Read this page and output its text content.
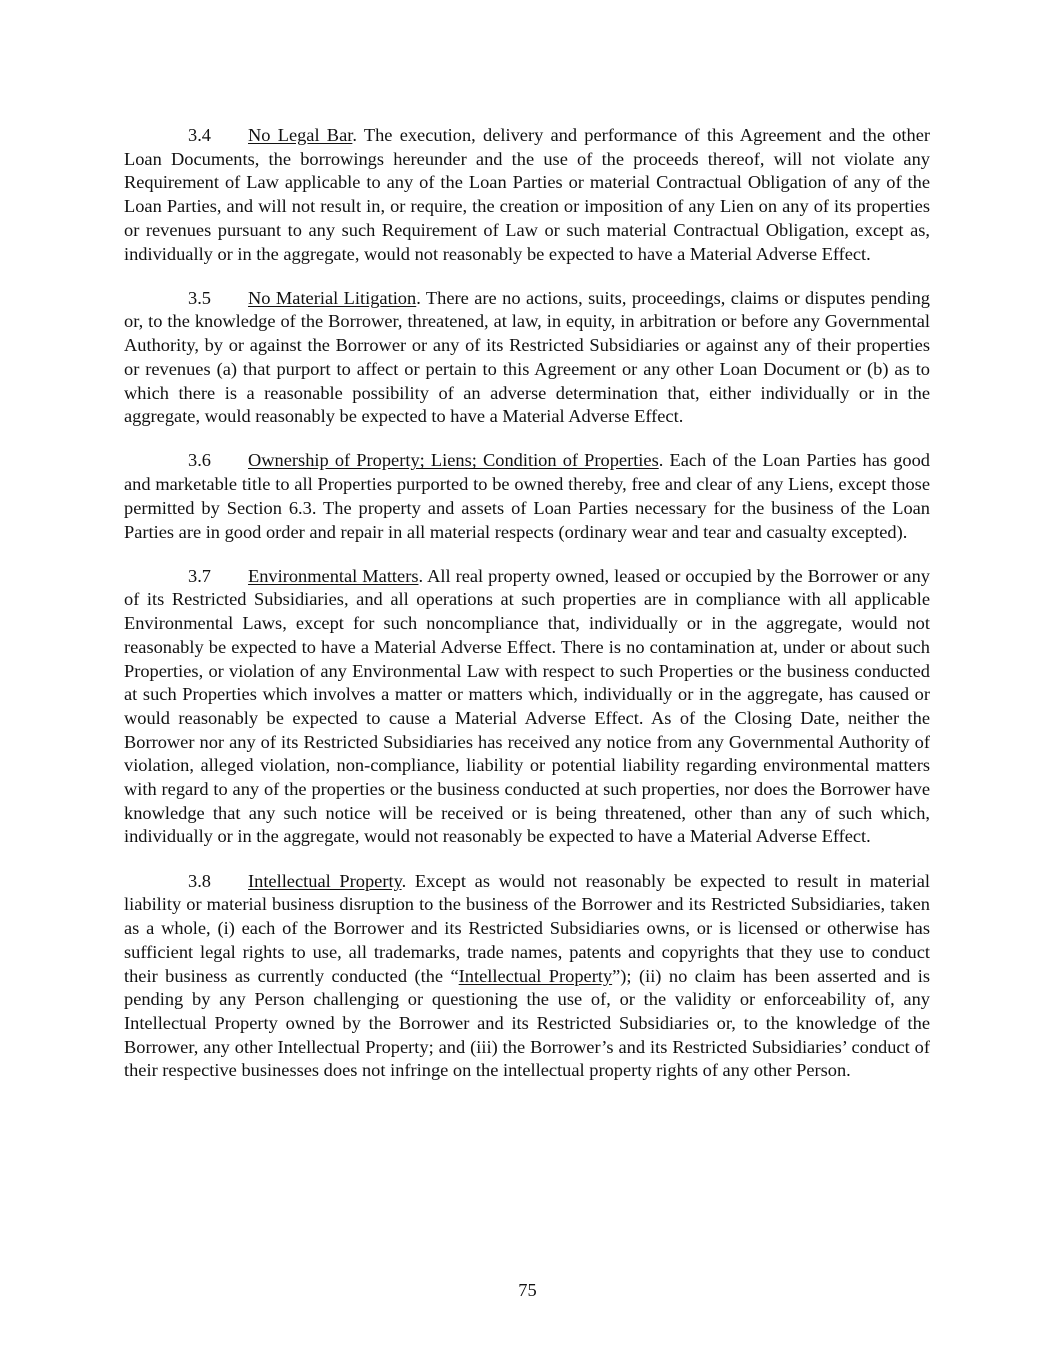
3.4 No Legal Bar. The execution, delivery and performance of this Agreement and the other Loan Documents, the borrowings hereunder and the use of the proceeds thereof, will not violate any Requirement of Law applicable to any of the Loan Parties or material Contractual Obligation of any of the Loan Parties, and will not result in, or require, the creation or imposition of any Lien on any of its properties or revenues pursuant to any such Requirement of Law or such material Contractual Obligation, except as, individually or in the aggregate, would not reasonably be expected to have a Material Adverse Effect.

3.5 No Material Litigation. There are no actions, suits, proceedings, claims or disputes pending or, to the knowledge of the Borrower, threatened, at law, in equity, in arbitration or before any Governmental Authority, by or against the Borrower or any of its Restricted Subsidiaries or against any of their properties or revenues (a) that purport to affect or pertain to this Agreement or any other Loan Document or (b) as to which there is a reasonable possibility of an adverse determination that, either individually or in the aggregate, would reasonably be expected to have a Material Adverse Effect.

3.6 Ownership of Property; Liens; Condition of Properties. Each of the Loan Parties has good and marketable title to all Properties purported to be owned thereby, free and clear of any Liens, except those permitted by Section 6.3. The property and assets of Loan Parties necessary for the business of the Loan Parties are in good order and repair in all material respects (ordinary wear and tear and casualty excepted).

3.7 Environmental Matters. All real property owned, leased or occupied by the Borrower or any of its Restricted Subsidiaries, and all operations at such properties are in compliance with all applicable Environmental Laws, except for such noncompliance that, individually or in the aggregate, would not reasonably be expected to have a Material Adverse Effect. There is no contamination at, under or about such Properties, or violation of any Environmental Law with respect to such Properties or the business conducted at such Properties which involves a matter or matters which, individually or in the aggregate, has caused or would reasonably be expected to cause a Material Adverse Effect. As of the Closing Date, neither the Borrower nor any of its Restricted Subsidiaries has received any notice from any Governmental Authority of violation, alleged violation, non-compliance, liability or potential liability regarding environmental matters with regard to any of the properties or the business conducted at such properties, nor does the Borrower have knowledge that any such notice will be received or is being threatened, other than any of such which, individually or in the aggregate, would not reasonably be expected to have a Material Adverse Effect.

3.8 Intellectual Property. Except as would not reasonably be expected to result in material liability or material business disruption to the business of the Borrower and its Restricted Subsidiaries, taken as a whole, (i) each of the Borrower and its Restricted Subsidiaries owns, or is licensed or otherwise has sufficient legal rights to use, all trademarks, trade names, patents and copyrights that they use to conduct their business as currently conducted (the “Intellectual Property”); (ii) no claim has been asserted and is pending by any Person challenging or questioning the use of, or the validity or enforceability of, any Intellectual Property owned by the Borrower and its Restricted Subsidiaries or, to the knowledge of the Borrower, any other Intellectual Property; and (iii) the Borrower’s and its Restricted Subsidiaries’ conduct of their respective businesses does not infringe on the intellectual property rights of any other Person.

75
